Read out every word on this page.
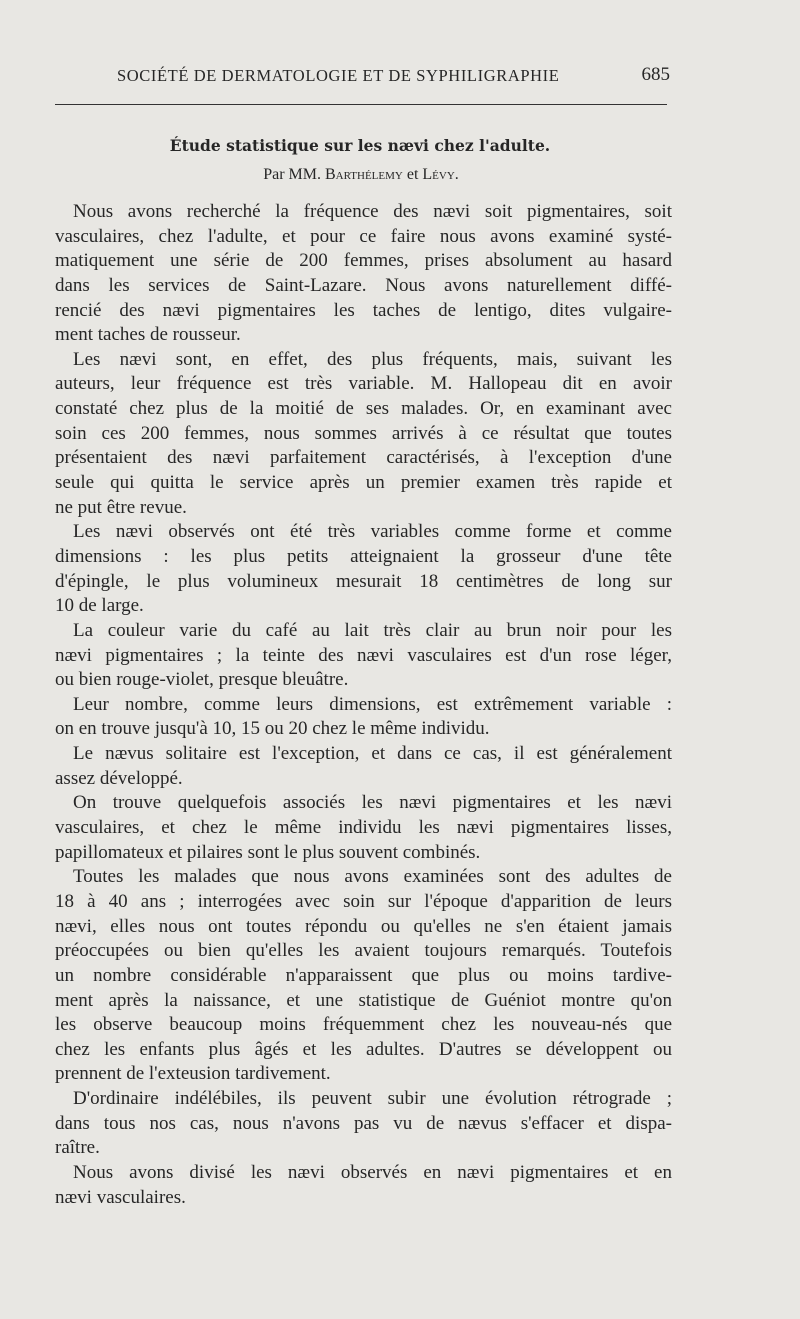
SOCIÉTÉ DE DERMATOLOGIE ET DE SYPHILIGRAPHIE	685
Étude statistique sur les nævi chez l'adulte.
Par MM. Barthélemy et Lévy.
Nous avons recherché la fréquence des nævi soit pigmentaires, soit
vasculaires, chez l'adulte, et pour ce faire nous avons examiné systé-
matiquement une série de 200 femmes, prises absolument au hasard
dans les services de Saint-Lazare. Nous avons naturellement diffé-
rencié des nævi pigmentaires les taches de lentigo, dites vulgaire-
ment taches de rousseur.
Les nævi sont, en effet, des plus fréquents, mais, suivant les
auteurs, leur fréquence est très variable. M. Hallopeau dit en avoir
constaté chez plus de la moitié de ses malades. Or, en examinant avec
soin ces 200 femmes, nous sommes arrivés à ce résultat que toutes
présentaient des nævi parfaitement caractérisés, à l'exception d'une
seule qui quitta le service après un premier examen très rapide et
ne put être revue.
Les nævi observés ont été très variables comme forme et comme
dimensions : les plus petits atteignaient la grosseur d'une tête
d'épingle, le plus volumineux mesurait 18 centimètres de long sur
10 de large.
La couleur varie du café au lait très clair au brun noir pour les
nævi pigmentaires ; la teinte des nævi vasculaires est d'un rose léger,
ou bien rouge-violet, presque bleuâtre.
Leur nombre, comme leurs dimensions, est extrêmement variable :
on en trouve jusqu'à 10, 15 ou 20 chez le même individu.
Le nævus solitaire est l'exception, et dans ce cas, il est généralement
assez développé.
On trouve quelquefois associés les nævi pigmentaires et les nævi
vasculaires, et chez le même individu les nævi pigmentaires lisses,
papillomateux et pilaires sont le plus souvent combinés.
Toutes les malades que nous avons examinées sont des adultes de
18 à 40 ans ; interrogées avec soin sur l'époque d'apparition de leurs
nævi, elles nous ont toutes répondu ou qu'elles ne s'en étaient jamais
préoccupées ou bien qu'elles les avaient toujours remarqués. Toutefois
un nombre considérable n'apparaissent que plus ou moins tardive-
ment après la naissance, et une statistique de Guéniot montre qu'on
les observe beaucoup moins fréquemment chez les nouveau-nés que
chez les enfants plus âgés et les adultes. D'autres se développent ou
prennent de l'exteusion tardivement.
D'ordinaire indélébiles, ils peuvent subir une évolution rétrograde ;
dans tous nos cas, nous n'avons pas vu de nævus s'effacer et dispa-
raître.
Nous avons divisé les nævi observés en nævi pigmentaires et en
nævi vasculaires.
